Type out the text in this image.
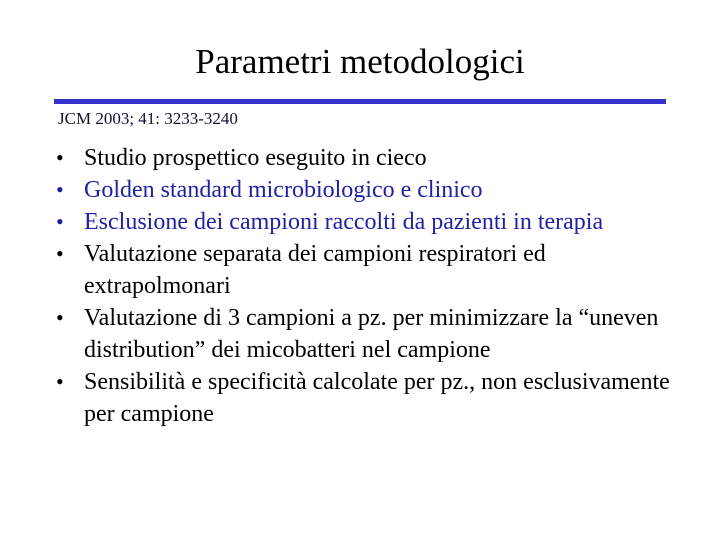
Parametri metodologici
JCM 2003; 41: 3233-3240
• Studio prospettico eseguito in cieco
• Golden standard microbiologico e clinico
• Esclusione dei campioni raccolti da pazienti in terapia
• Valutazione separata dei campioni respiratori ed extrapolmonari
• Valutazione di 3 campioni a pz. per minimizzare la “uneven distribution” dei micobatteri nel campione
• Sensibilità e specificità calcolate per pz., non esclusivamente per campione
